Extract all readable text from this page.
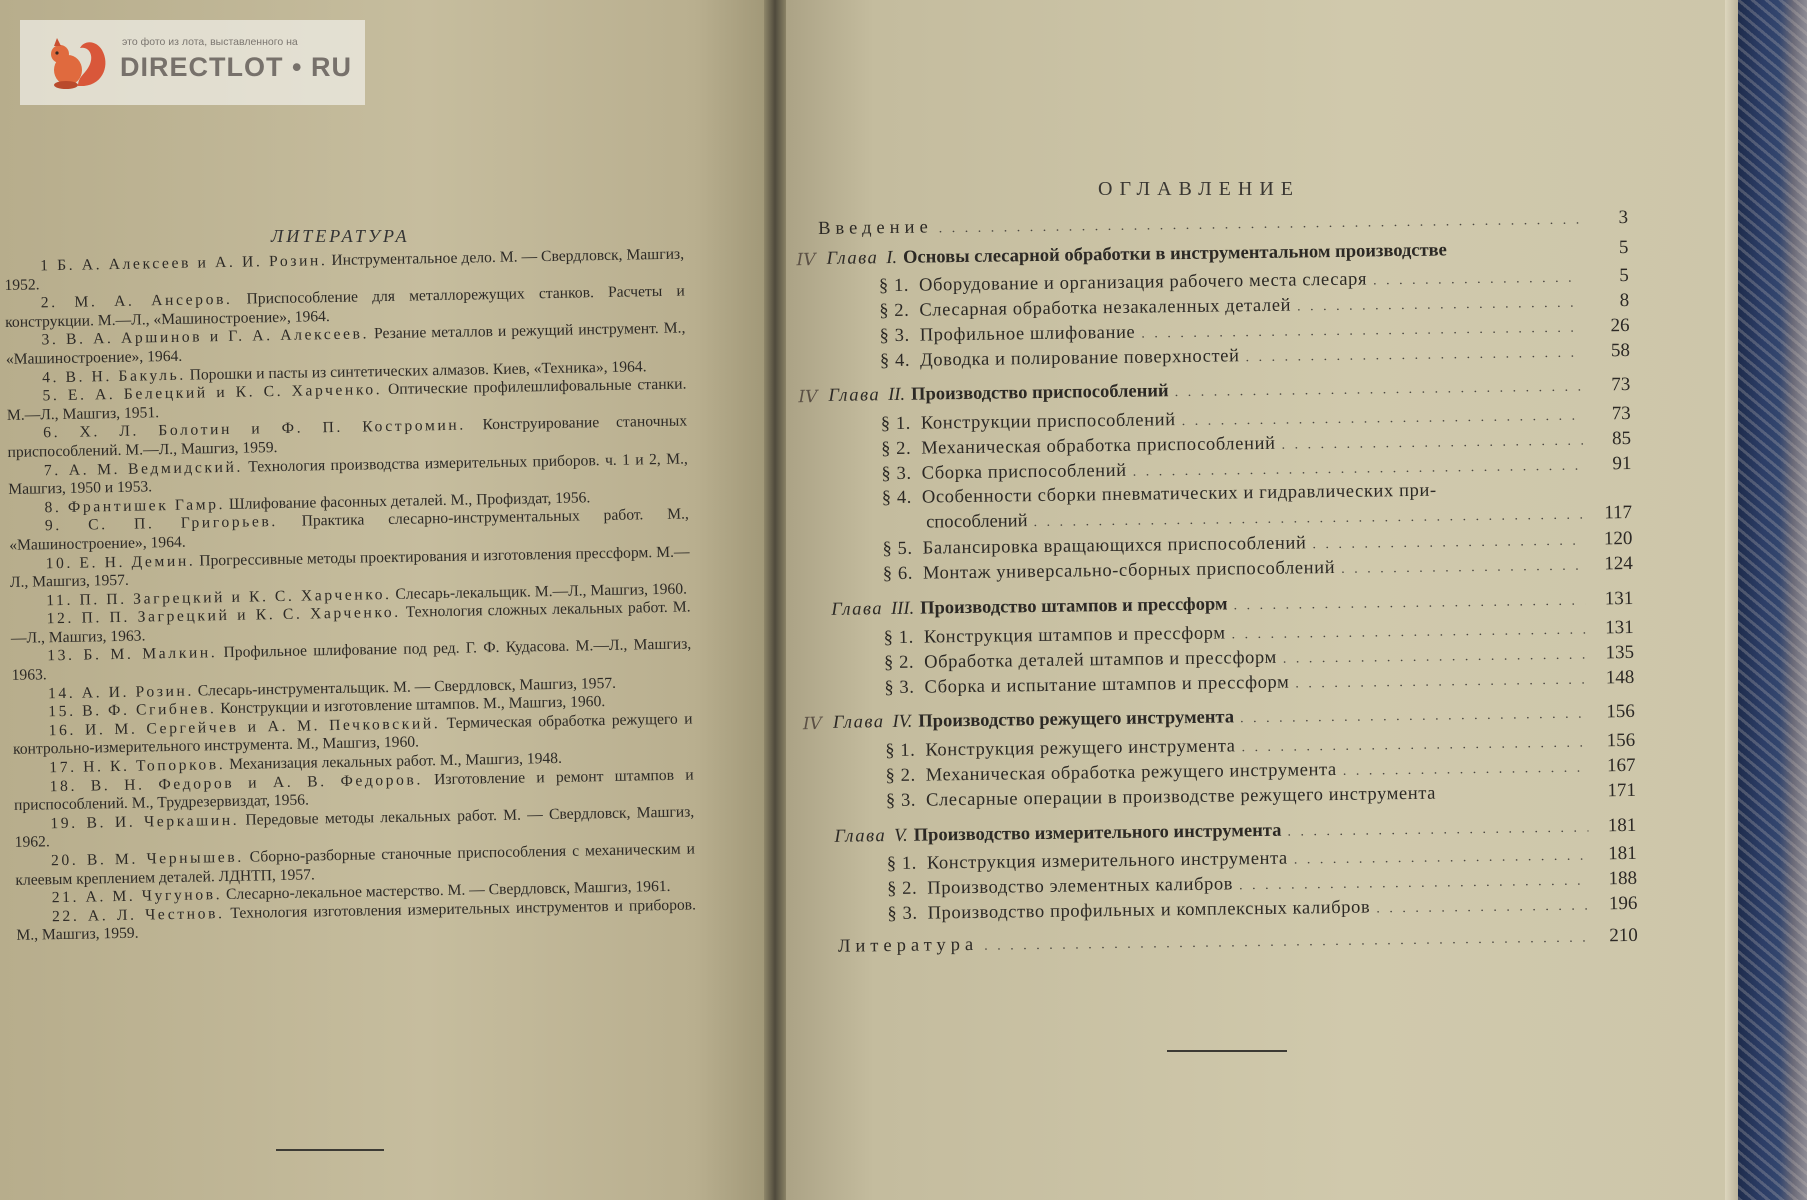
это фото из лота, выставленного на
DIRECTLOT • RU
ЛИТЕРАТУРА

1 Б. А. Алексеев и А. И. Розин. Инструментальное дело. М. — Свердловск, Машгиз, 1952.

2. М. А. Ансеров. Приспособление для металлорежущих станков. Расчеты и конструкции. М.—Л., «Машиностроение», 1964.

3. В. А. Аршинов и Г. А. Алексеев. Резание металлов и режущий инструмент. М., «Машиностроение», 1964.

4. В. Н. Бакуль. Порошки и пасты из синтетических алмазов. Киев, «Техника», 1964.

5. Е. А. Белецкий и К. С. Харченко. Оптические профилешлифовальные станки. М.—Л., Машгиз, 1951.

6. Х. Л. Болотин и Ф. П. Костромин. Конструирование станочных приспособлений. М.—Л., Машгиз, 1959.

7. А. М. Ведмидский. Технология производства измерительных приборов. ч. 1 и 2, М., Машгиз, 1950 и 1953.

8. Франтишек Гамр. Шлифование фасонных деталей. М., Профиздат, 1956.

9. С. П. Григорьев. Практика слесарно-инструментальных работ. М., «Машиностроение», 1964.

10. Е. Н. Демин. Прогрессивные методы проектирования и изготовления прессформ. М.—Л., Машгиз, 1957.

11. П. П. Загрецкий и К. С. Харченко. Слесарь-лекальщик. М.—Л., Машгиз, 1960.

12. П. П. Загрецкий и К. С. Харченко. Технология сложных лекальных работ. М.—Л., Машгиз, 1963.

13. Б. М. Малкин. Профильное шлифование под ред. Г. Ф. Кудасова. М.—Л., Машгиз, 1963.

14. А. И. Розин. Слесарь-инструментальщик. М. — Свердловск, Машгиз, 1957.

15. В. Ф. Сгибнев. Конструкции и изготовление штампов. М., Машгиз, 1960.

16. И. М. Сергейчев и А. М. Печковский. Термическая обработка режущего и контрольно-измерительного инструмента. М., Машгиз, 1960.

17. Н. К. Топорков. Механизация лекальных работ. М., Машгиз, 1948.

18. В. Н. Федоров и А. В. Федоров. Изготовление и ремонт штампов и приспособлений. М., Трудрезервиздат, 1956.

19. В. И. Черкашин. Передовые методы лекальных работ. М. — Свердловск, Машгиз, 1962.

20. В. М. Чернышев. Сборно-разборные станочные приспособления с механическим и клеевым креплением деталей. ЛДНТП, 1957.

21. А. М. Чугунов. Слесарно-лекальное мастерство. М. — Свердловск, Машгиз, 1961.

22. А. Л. Честнов. Технология изготовления измерительных инструментов и приборов. М., Машгиз, 1959.

ОГЛАВЛЕНИЕ
Введение . . .	3
Глава I. Основы слесарной обработки в инструментальном производстве	5
IV
§ 1. Оборудование и организация рабочего места слесаря . . .	5
§ 2. Слесарная обработка незакаленных деталей . . .	8
§ 3. Профильное шлифование . . .	26
§ 4. Доводка и полирование поверхностей . . .	58
Глава II. Производство приспособлений . . .	73
IV
§ 1. Конструкции приспособлений . . .	73
§ 2. Механическая обработка приспособлений . . .	85
§ 3. Сборка приспособлений . . .	91
§ 4. Особенности сборки пневматических и гидравлических при-
способлений . . .	117
§ 5. Балансировка вращающихся приспособлений . . .	120
§ 6. Монтаж универсально-сборных приспособлений . . .	124
Глава III. Производство штампов и прессформ . . .	131
§ 1. Конструкция штампов и прессформ . . .	131
§ 2. Обработка деталей штампов и прессформ . . .	135
§ 3. Сборка и испытание штампов и прессформ . . .	148
Глава IV. Производство режущего инструмента . . .	156
IV
§ 1. Конструкция режущего инструмента . . .	156
§ 2. Механическая обработка режущего инструмента . . .	167
§ 3. Слесарные операции в производстве режущего инструмента	171
Глава V. Производство измерительного инструмента . . .	181
§ 1. Конструкция измерительного инструмента . . .	181
§ 2. Производство элементных калибров . . .	188
§ 3. Производство профильных и комплексных калибров . . .	196
Литература . . .	210
